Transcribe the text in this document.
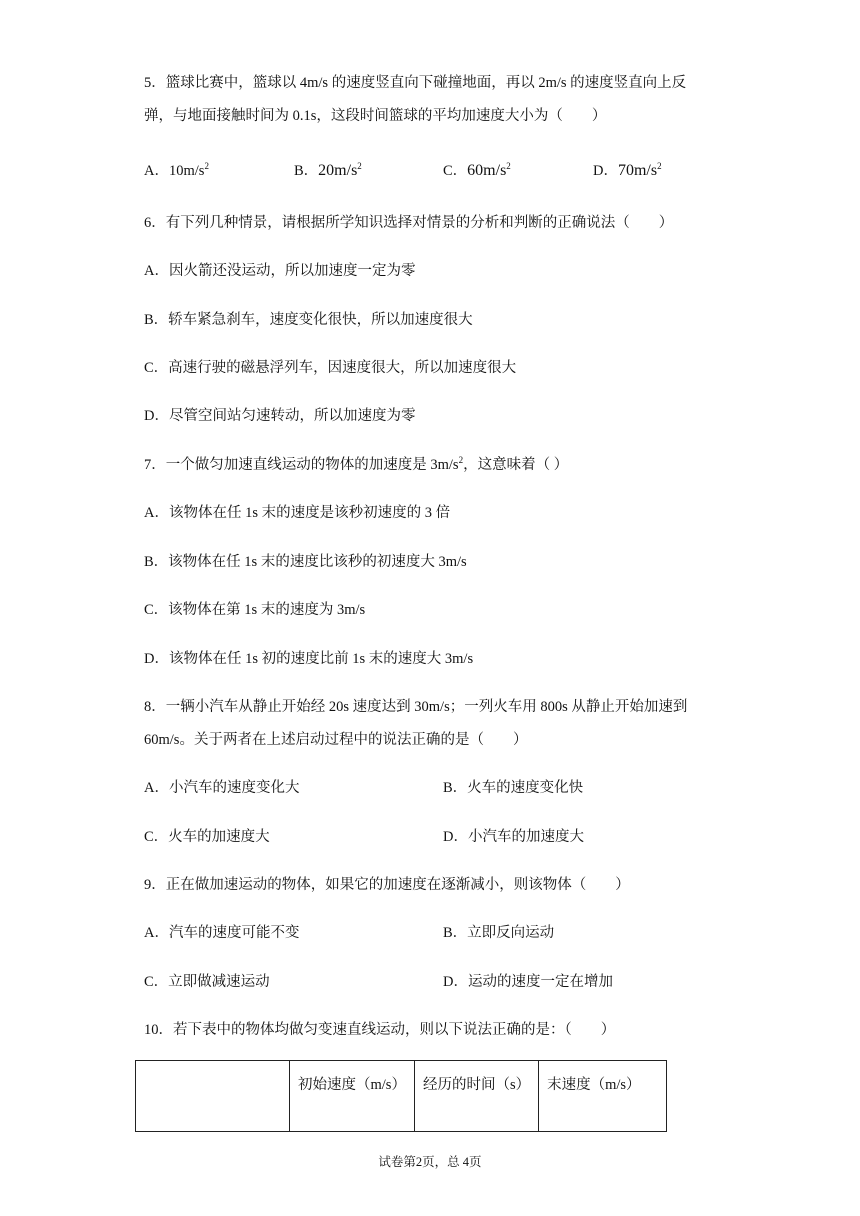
5．篮球比赛中，篮球以 4m/s 的速度竖直向下碰撞地面，再以 2m/s 的速度竖直向上反
弹，与地面接触时间为 0.1s，这段时间篮球的平均加速度大小为（　　）
A．$10m/s^2$	B．$20m/s^2$	C．$60m/s^2$	D．$70m/s^2$
6．有下列几种情景，请根据所学知识选择对情景的分析和判断的正确说法（　　）
A．因火箭还没运动，所以加速度一定为零
B．轿车紧急刹车，速度变化很快，所以加速度很大
C．高速行驶的磁悬浮列车，因速度很大，所以加速度很大
D．尽管空间站匀速转动，所以加速度为零
7．一个做匀加速直线运动的物体的加速度是 $3m/s^2$，这意味着（ ）
A．该物体在任 1s 末的速度是该秒初速度的 3 倍
B．该物体在任 1s 末的速度比该秒的初速度大 3m/s
C．该物体在第 1s 末的速度为 3m/s
D．该物体在任 1s 初的速度比前 1s 末的速度大 3m/s
8．一辆小汽车从静止开始经 20s 速度达到 30m/s；一列火车用 800s 从静止开始加速到
60m/s。关于两者在上述启动过程中的说法正确的是（　　）
A．小汽车的速度变化大	B．火车的速度变化快
C．火车的加速度大	D．小汽车的加速度大
9．正在做加速运动的物体，如果它的加速度在逐渐减小，则该物体（　　）
A．汽车的速度可能不变	B．立即反向运动
C．立即做减速运动	D．运动的速度一定在增加
10．若下表中的物体均做匀变速直线运动，则以下说法正确的是：（　　）
	初始速度（m/s）	经历的时间（s）	末速度（m/s）
试卷第2页，总 4页
